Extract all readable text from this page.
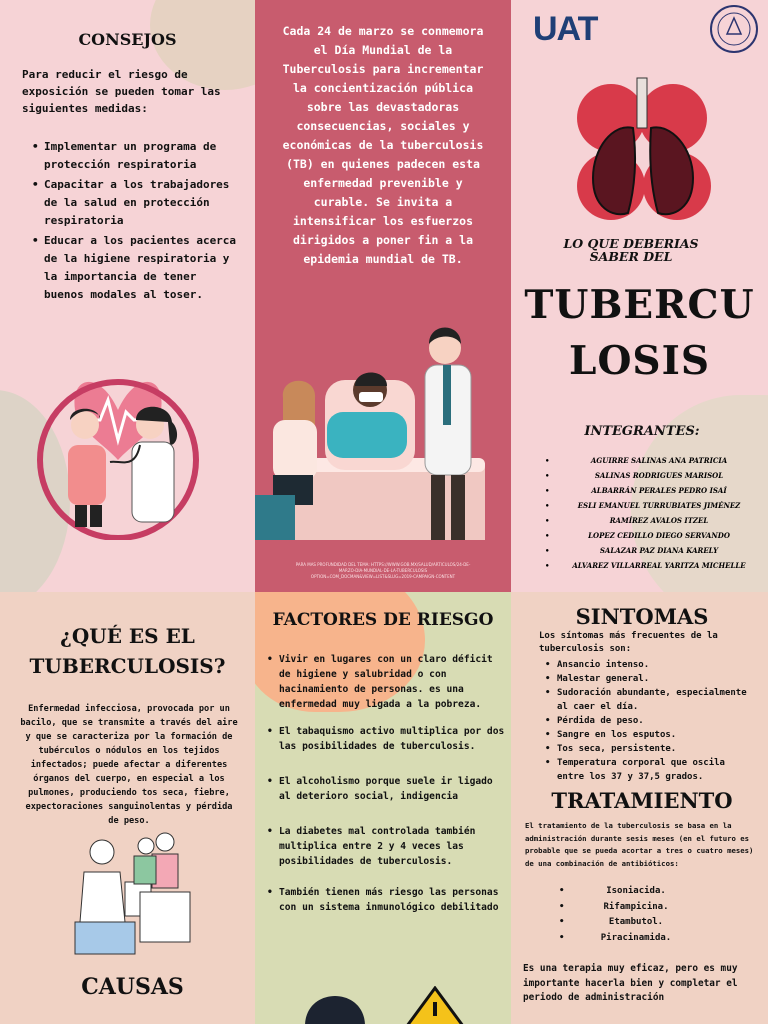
CONSEJOS
Para reducir el riesgo de exposición se pueden tomar las siguientes medidas:
• Implementar un programa de protección respiratoria
• Capacitar a los trabajadores de la salud en protección respiratoria
• Educar a los pacientes acerca de la higiene respiratoria y la importancia de tener buenos modales al toser.
Cada 24 de marzo se conmemora el Día Mundial de la Tuberculosis para incrementar la concientización pública sobre las devastadoras consecuencias, sociales y económicas de la tuberculosis (TB) en quienes padecen esta enfermedad prevenible y curable. Se invita a intensificar los esfuerzos dirigidos a poner fin a la epidemia mundial de TB.
PARA MAS PROFUNDIDAD DEL TEMA: HTTPS://WWW.GOB.MX/SALUD/ARTICULOS/24-DE-MARZO-DIA-MUNDIAL-DE-LA-TUBERCULOSIS OPTION=COM_DOCMAN&VIEW=LIST&SLUG=2019-CAMPAIGN-CONTENT
UAT
LO QUE DEBERIAS SABER DEL
TUBERCU
LOSIS
INTEGRANTES:
• AGUIRRE SALINAS ANA PATRICIA
• SALINAS RODRIGUES MARISOL
• ALBARRÁN PERALES PEDRO ISAÍ
• ESLI EMANUEL TURRUBIATES JIMÉNEZ
• RAMÍREZ AVALOS ITZEL
• LOPEZ CEDILLO DIEGO SERVANDO
• SALAZAR PAZ DIANA KARELY
• ALVAREZ VILLARREAL YARITZA MICHELLE
¿QUÉ ES EL
TUBERCULOSIS?
Enfermedad infecciosa, provocada por un bacilo, que se transmite a través del aire y que se caracteriza por la formación de tubérculos o nódulos en los tejidos infectados; puede afectar a diferentes órganos del cuerpo, en especial a los pulmones, produciendo tos seca, fiebre, expectoraciones sanguinolentas y pérdida de peso.
CAUSAS
FACTORES DE RIESGO
• Vivir en lugares con un claro déficit de higiene y salubridad o con hacinamiento de personas. es una enfermedad muy ligada a la pobreza.
• El tabaquismo activo multiplica por dos las posibilidades de tuberculosis.
• El alcoholismo porque suele ir ligado al deterioro social, indigencia
• La diabetes mal controlada también multiplica entre 2 y 4 veces las posibilidades de tuberculosis.
• También tienen más riesgo las personas con un sistema inmunológico debilitado
SINTOMAS
Los síntomas más frecuentes de la tuberculosis son:
• Ansancio intenso.
• Malestar general.
• Sudoración abundante, especialmente al caer el día.
• Pérdida de peso.
• Sangre en los esputos.
• Tos seca, persistente.
• Temperatura corporal que oscila entre los 37 y 37,5 grados.
TRATAMIENTO
El tratamiento de la tuberculosis se basa en la administración durante sesis meses (en el futuro es probable que se pueda acortar a tres o cuatro meses) de una combinación de antibióticos:
• Isoniacida.
• Rifampicina.
• Etambutol.
• Piracinamida.
Es una terapia muy eficaz, pero es muy importante hacerla bien y completar el periodo de administración
